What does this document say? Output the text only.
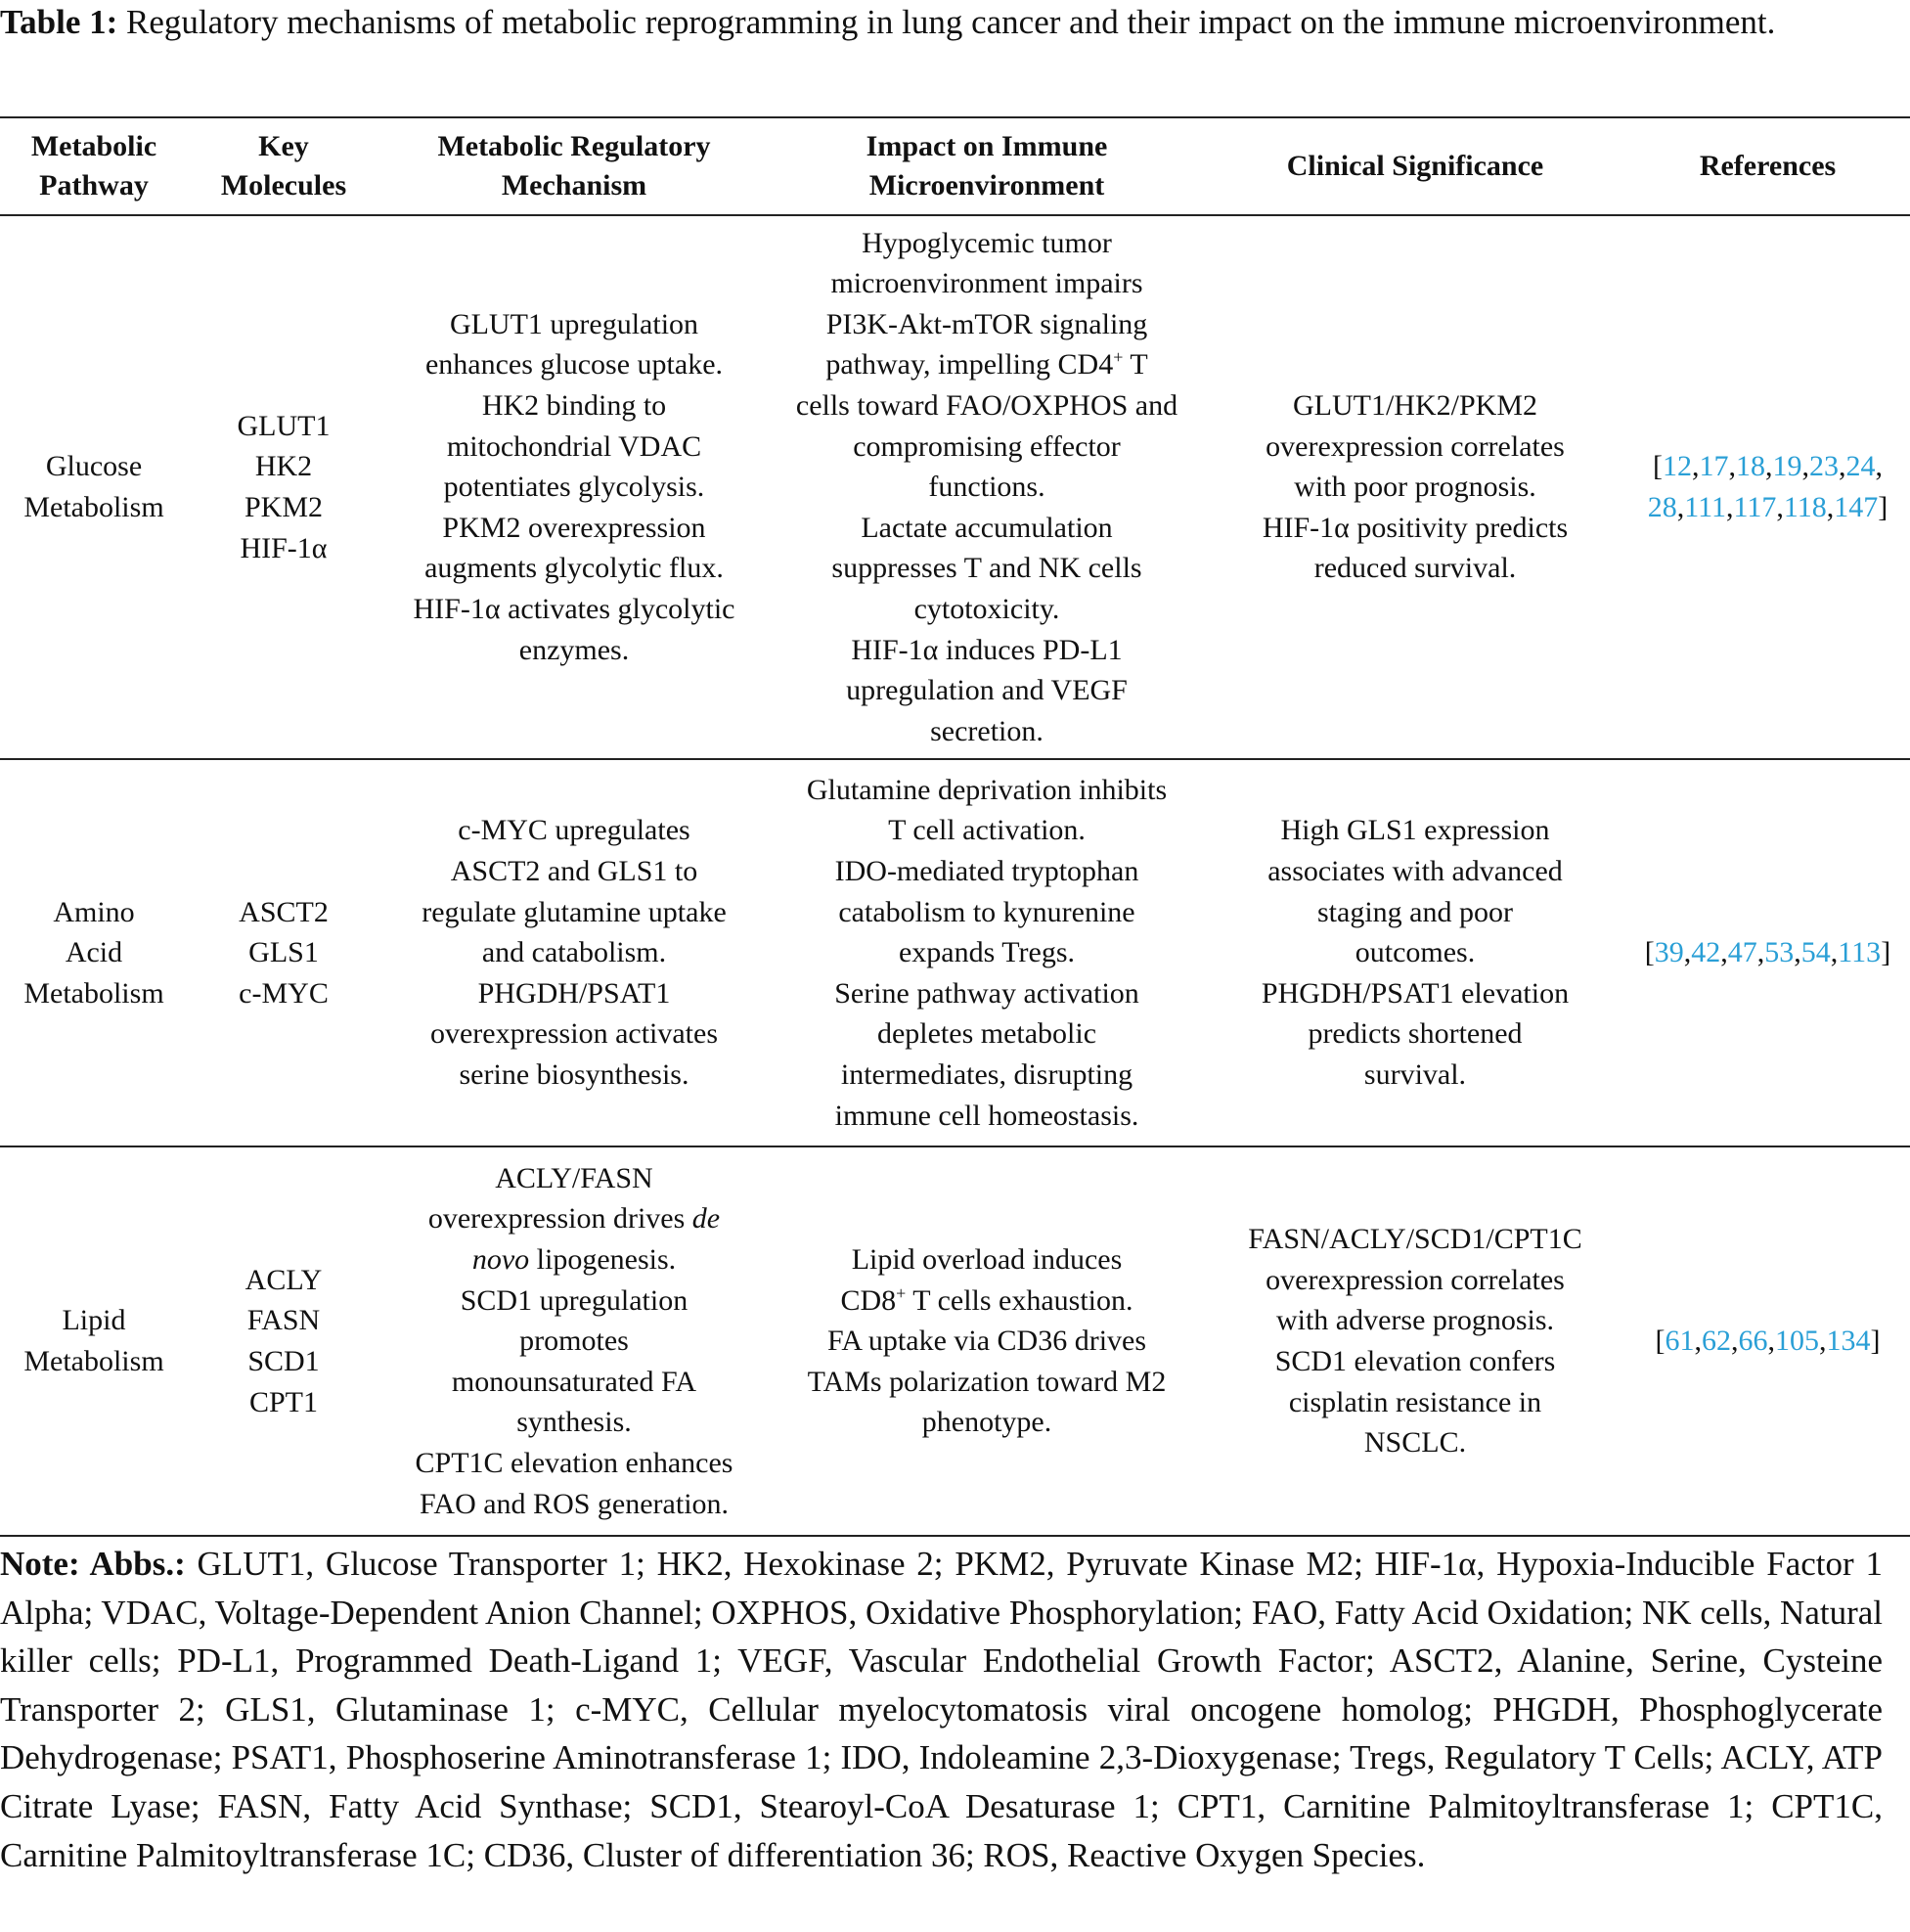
Table 1: Regulatory mechanisms of metabolic reprogramming in lung cancer and their impact on the immune microenvironment.
Metabolic
Pathway
Key
Molecules
Metabolic Regulatory
Mechanism
Impact on Immune
Microenvironment
Clinical Significance	References
Glucose
Metabolism
GLUT1
HK2
PKM2
HIF-1α
GLUT1 upregulation
enhances glucose uptake.
HK2 binding to
mitochondrial VDAC
potentiates glycolysis.
PKM2 overexpression
augments glycolytic flux.
HIF-1α activates glycolytic
enzymes.
Hypoglycemic tumor
microenvironment impairs
PI3K-Akt-mTOR signaling
pathway, impelling CD4+ T
cells toward FAO/OXPHOS and
compromising effector
functions.
Lactate accumulation
suppresses T and NK cells
cytotoxicity.
HIF-1α induces PD-L1
upregulation and VEGF
secretion.
GLUT1/HK2/PKM2
overexpression correlates
with poor prognosis.
HIF-1α positivity predicts
reduced survival.
[12,17,18,19,23,24,
28,111,117,118,147]
Amino
Acid
Metabolism
ASCT2
GLS1
c-MYC
c-MYC upregulates
ASCT2 and GLS1 to
regulate glutamine uptake
and catabolism.
PHGDH/PSAT1
overexpression activates
serine biosynthesis.
Glutamine deprivation inhibits
T cell activation.
IDO-mediated tryptophan
catabolism to kynurenine
expands Tregs.
Serine pathway activation
depletes metabolic
intermediates, disrupting
immune cell homeostasis.
High GLS1 expression
associates with advanced
staging and poor
outcomes.
PHGDH/PSAT1 elevation
predicts shortened
survival.
[39,42,47,53,54,113]
Lipid
Metabolism
ACLY
FASN
SCD1
CPT1
ACLY/FASN
overexpression drives de
novo lipogenesis.
SCD1 upregulation
promotes
monounsaturated FA
synthesis.
CPT1C elevation enhances
FAO and ROS generation.
Lipid overload induces
CD8+ T cells exhaustion.
FA uptake via CD36 drives
TAMs polarization toward M2
phenotype.
FASN/ACLY/SCD1/CPT1C
overexpression correlates
with adverse prognosis.
SCD1 elevation confers
cisplatin resistance in
NSCLC.
[61,62,66,105,134]
Note: Abbs.: GLUT1, Glucose Transporter 1; HK2, Hexokinase 2; PKM2, Pyruvate Kinase M2; HIF-1α, Hypoxia-Inducible Factor 1 Alpha; VDAC, Voltage-Dependent Anion Channel; OXPHOS, Oxidative Phosphorylation; FAO, Fatty Acid Oxidation; NK cells, Natural killer cells; PD-L1, Programmed Death-Ligand 1; VEGF, Vascular Endothelial Growth Factor; ASCT2, Alanine, Serine, Cysteine Transporter 2; GLS1, Glutaminase 1; c-MYC, Cellular myelocytomatosis viral oncogene homolog; PHGDH, Phosphoglycerate Dehydrogenase; PSAT1, Phosphoserine Aminotransferase 1; IDO, Indoleamine 2,3-Dioxygenase; Tregs, Regulatory T Cells; ACLY, ATP Citrate Lyase; FASN, Fatty Acid Synthase; SCD1, Stearoyl-CoA Desaturase 1; CPT1, Carnitine Palmitoyltransferase 1; CPT1C, Carnitine Palmitoyltransferase 1C; CD36, Cluster of differentiation 36; ROS, Reactive Oxygen Species.
